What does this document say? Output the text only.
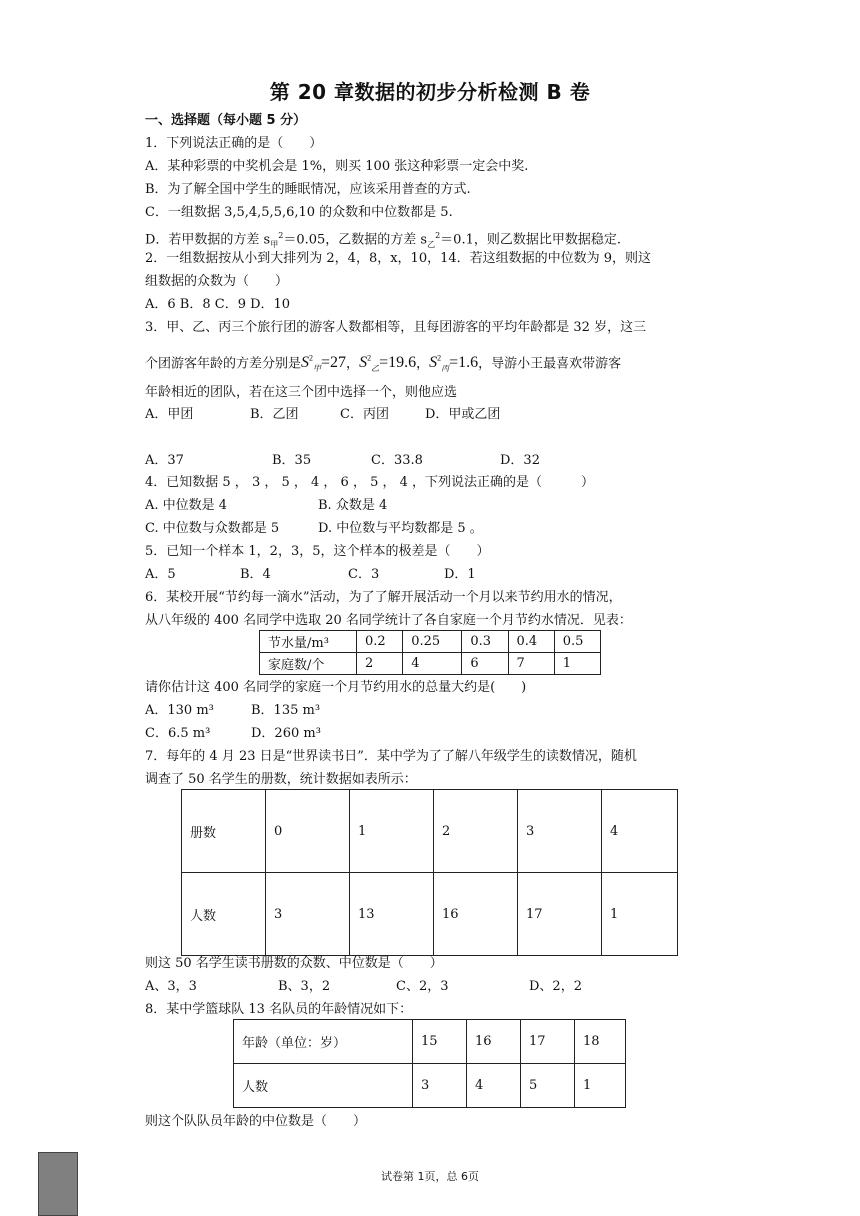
第 20 章数据的初步分析检测 B 卷
一、选择题（每小题 5 分）
1．下列说法正确的是（　　）
A．某种彩票的中奖机会是 1%，则买 100 张这种彩票一定会中奖.
B．为了解全国中学生的睡眠情况，应该采用普查的方式.
C．一组数据 3,5,4,5,5,6,10 的众数和中位数都是 5.
D．若甲数据的方差 $s_甲^2=0.05$，乙数据的方差 $s_乙^2=0.1$，则乙数据比甲数据稳定.
2．一组数据按从小到大排列为 2，4，8，x，10，14．若这组数据的中位数为 9，则这
组数据的众数为（　　）
A．6 B．8 C．9 D．10
3．甲、乙、丙三个旅行团的游客人数都相等，且每团游客的平均年龄都是 32 岁，这三
个团游客年龄的方差分别是$S^2_甲=27$，$S^2_乙=19.6$，$S^2_丙=1.6$，导游小王最喜欢带游客
年龄相近的团队，若在这三个团中选择一个，则他应选
A．甲团	B．乙团	C．丙团	D．甲或乙团
A．37	B．35	C．33.8	D．32
4．已知数据 5 ， 3 ， 5 ， 4 ， 6 ， 5 ， 4 ，下列说法正确的是（　　　）
A. 中位数是 4	B. 众数是 4
C. 中位数与众数都是 5	D. 中位数与平均数都是 5 。
5．已知一个样本 1，2，3，5，这个样本的极差是（　　）
A．5	B．4	C．3	D．1
6．某校开展“节约每一滴水”活动，为了了解开展活动一个月以来节约用水的情况，
从八年级的 400 名同学中选取 20 名同学统计了各自家庭一个月节约水情况．见表：
节水量/m³	0.2	0.25	0.3	0.4	0.5
家庭数/个	2	4	6	7	1
请你估计这 400 名同学的家庭一个月节约用水的总量大约是(　　)
A．130 m³	B．135 m³
C．6.5 m³	D．260 m³
7．每年的 4 月 23 日是“世界读书日”．某中学为了了解八年级学生的读数情况，随机
调查了 50 名学生的册数，统计数据如表所示：
册数	0	1	2	3	4
人数	3	13	16	17	1
则这 50 名学生读书册数的众数、中位数是（　　）
A、3，3	B、3，2	C、2，3	D、2，2
8．某中学篮球队 13 名队员的年龄情况如下：
年龄（单位：岁）	15	16	17	18
人数	3	4	5	1
则这个队队员年龄的中位数是（　　）
试卷第 1页，总 6页
